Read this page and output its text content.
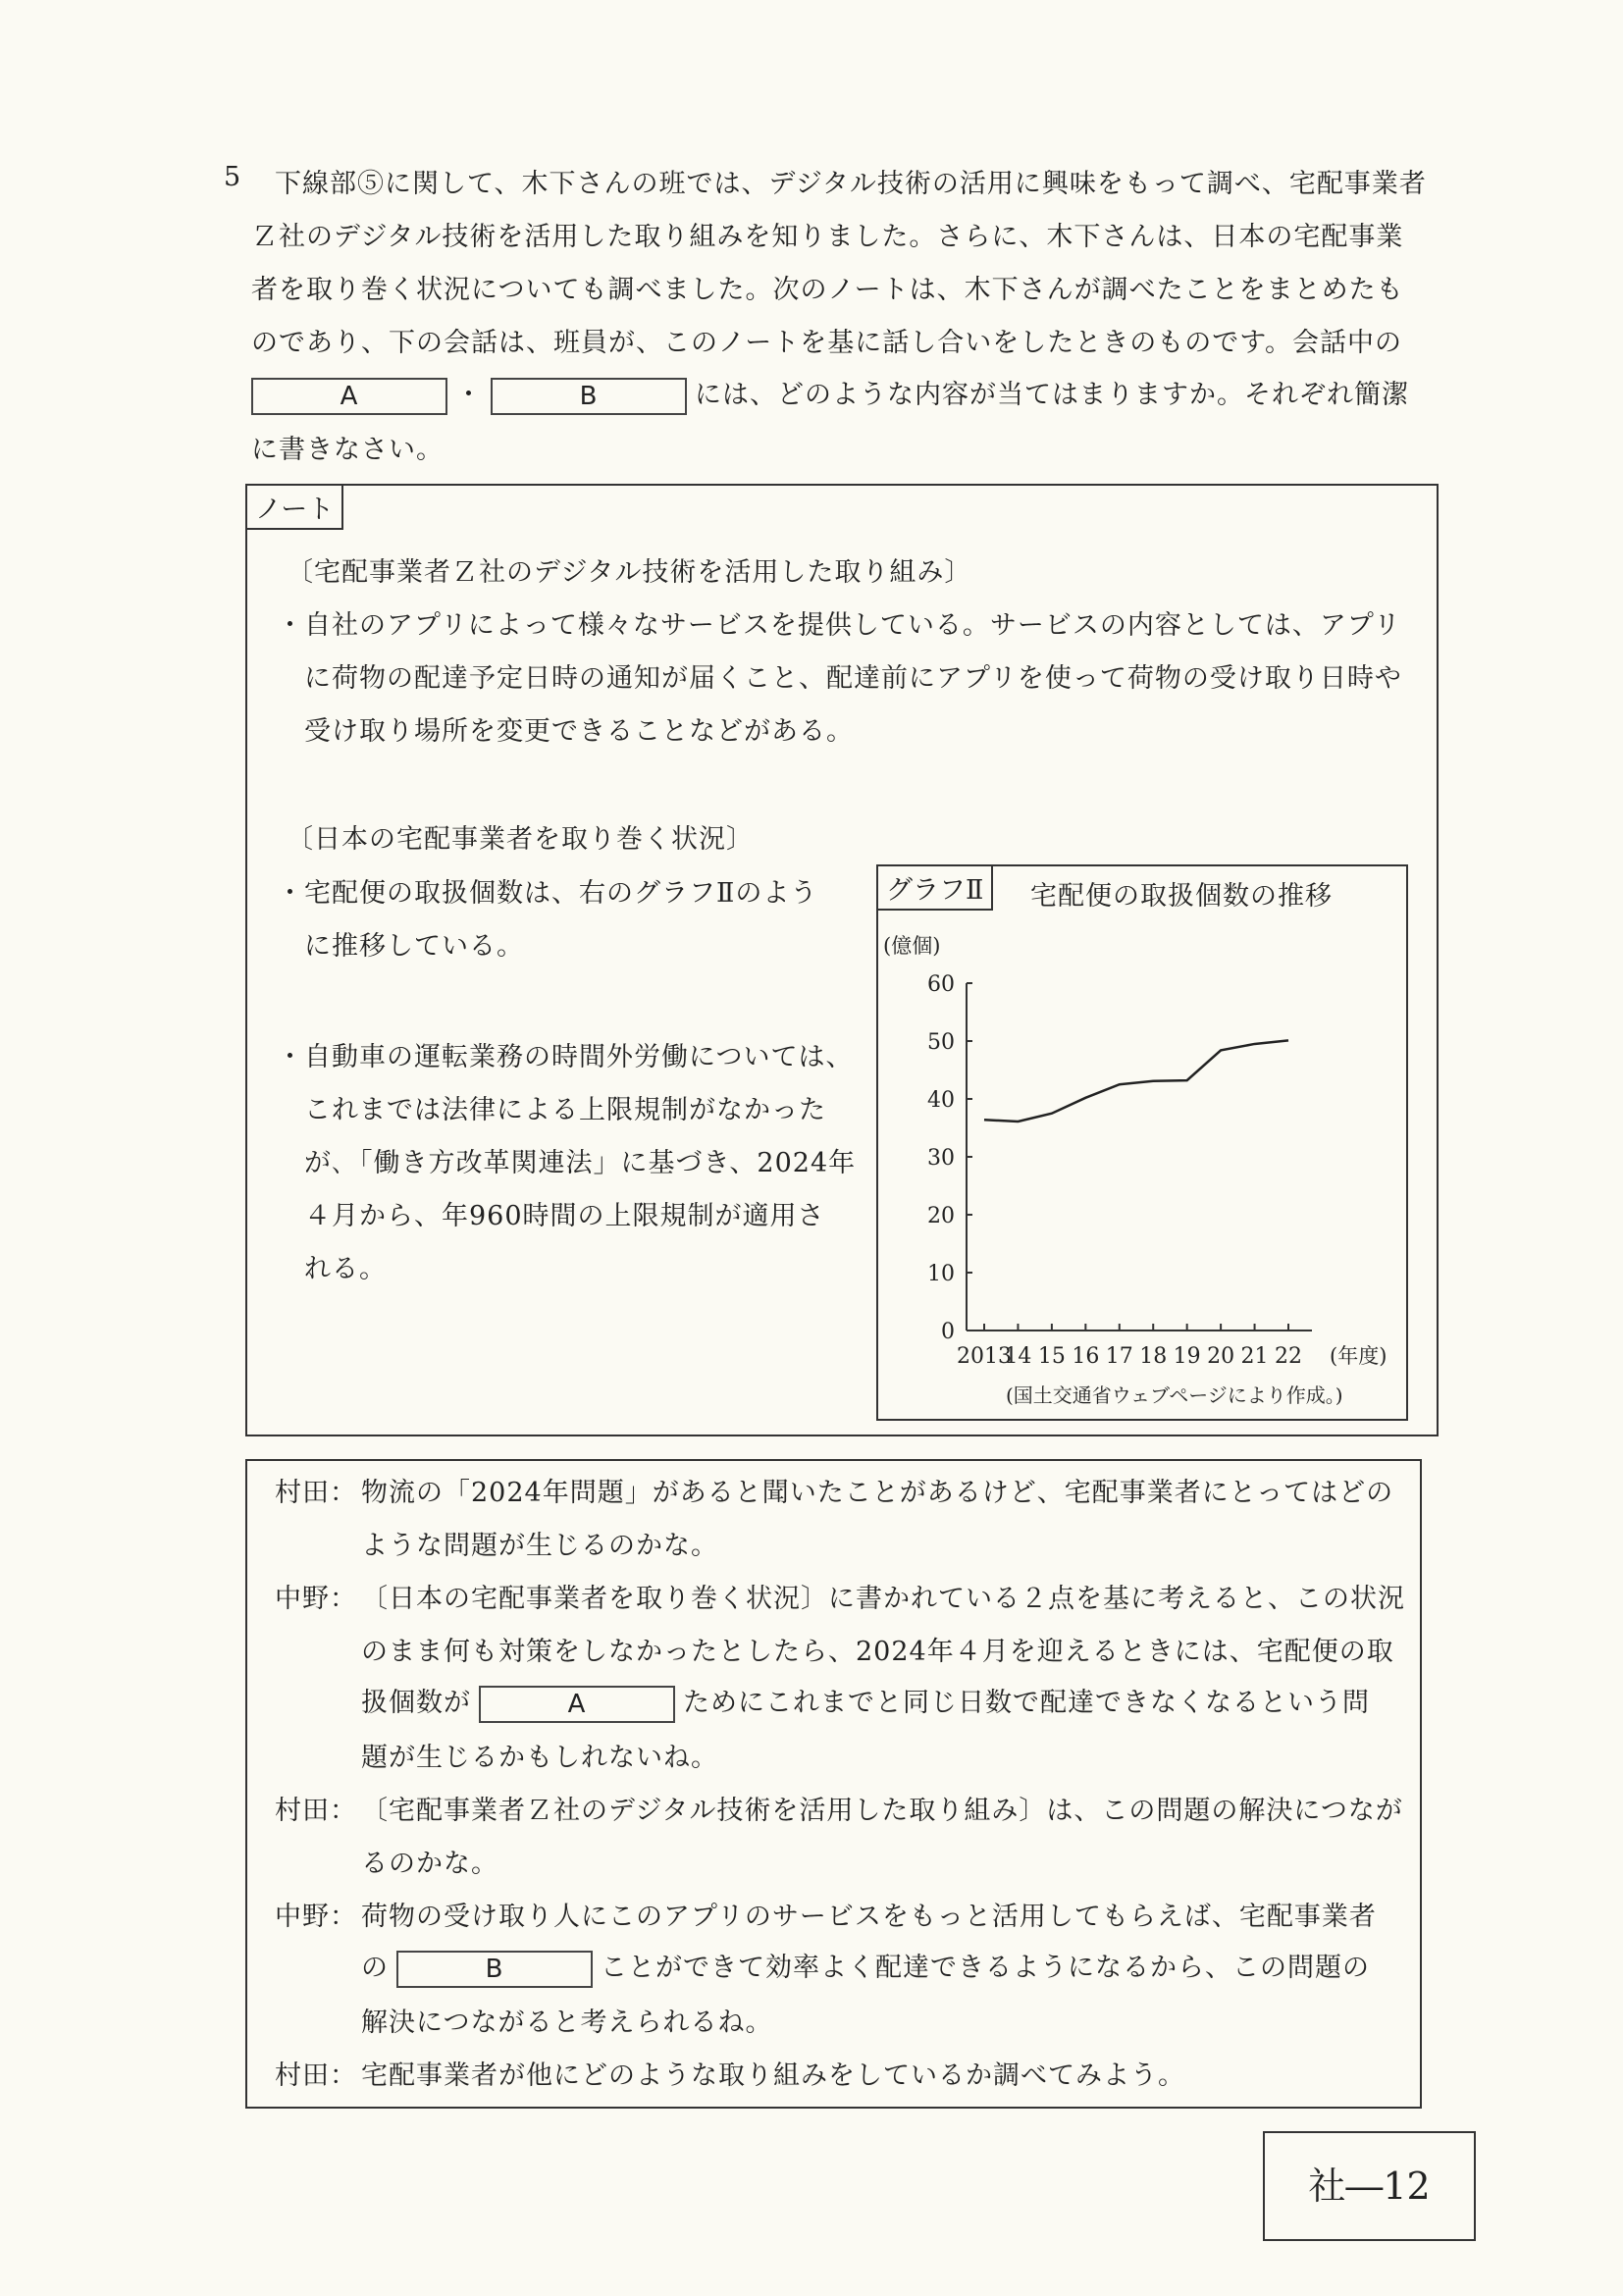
5 下線部⑤に関して、木下さんの班では、デジタル技術の活用に興味をもって調べ、宅配事業者
Ｚ社のデジタル技術を活用した取り組みを知りました。さらに、木下さんは、日本の宅配事業
者を取り巻く状況についても調べました。次のノートは、木下さんが調べたことをまとめたも
のであり、下の会話は、班員が、このノートを基に話し合いをしたときのものです。会話中の
A	・	B	には、どのような内容が当てはまりますか。それぞれ簡潔
に書きなさい。
ノート
〔宅配事業者Ｚ社のデジタル技術を活用した取り組み〕
・自社のアプリによって様々なサービスを提供している。サービスの内容としては、アプリ
に荷物の配達予定日時の通知が届くこと、配達前にアプリを使って荷物の受け取り日時や
受け取り場所を変更できることなどがある。
〔日本の宅配事業者を取り巻く状況〕
・宅配便の取扱個数は、右のグラフⅡのよう
に推移している。
・自動車の運転業務の時間外労働については、
これまでは法律による上限規制がなかった
が､「働き方改革関連法」に基づき、2024年
４月から、年960時間の上限規制が適用さ
れる。
グラフⅡ	宅配便の取扱個数の推移
(億個)
0
10
20
30
40
50
60
2013
14 15 16 17 18 19 20 21 22 (年度)
(国土交通省ウェブページにより作成。)
村田： 物流の「2024年問題」があると聞いたことがあるけど、宅配事業者にとってはどの
ような問題が生じるのかな。
中野： 〔日本の宅配事業者を取り巻く状況〕に書かれている２点を基に考えると、この状況
のまま何も対策をしなかったとしたら、2024年４月を迎えるときには、宅配便の取
扱個数が	A	ためにこれまでと同じ日数で配達できなくなるという問
題が生じるかもしれないね。
村田： 〔宅配事業者Ｚ社のデジタル技術を活用した取り組み〕は、この問題の解決につなが
るのかな。
中野： 荷物の受け取り人にこのアプリのサービスをもっと活用してもらえば、宅配事業者
の	B	ことができて効率よく配達できるようになるから、この問題の
解決につながると考えられるね。
村田： 宅配事業者が他にどのような取り組みをしているか調べてみよう。
社―12
